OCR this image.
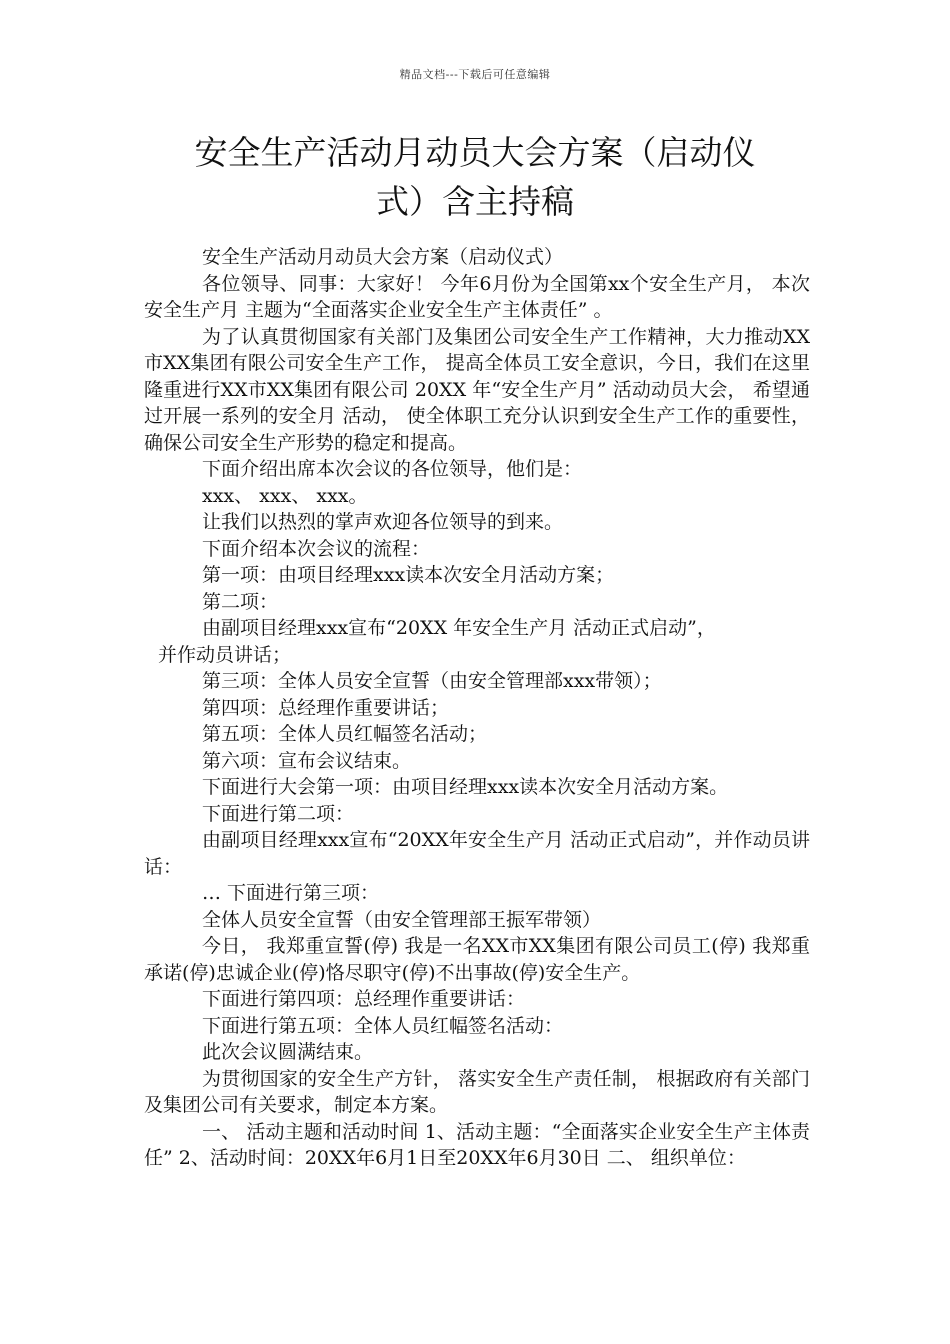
精品文档---下载后可任意编辑
安全生产活动月动员大会方案（启动仪
式）含主持稿

安全生产活动月动员大会方案（启动仪式）

各位领导、同事：大家好！ 今年6月份为全国第xx个安全生产月， 本次安全生产月 主题为“全面落实企业安全生产主体责任” 。

为了认真贯彻国家有关部门及集团公司安全生产工作精神，大力推动XX市XX集团有限公司安全生产工作， 提高全体员工安全意识，今日，我们在这里隆重进行XX市XX集团有限公司 20XX 年“安全生产月” 活动动员大会， 希望通过开展一系列的安全月 活动， 使全体职工充分认识到安全生产工作的重要性，确保公司安全生产形势的稳定和提高。

下面介绍出席本次会议的各位领导，他们是：

xxx、 xxx、 xxx。

让我们以热烈的掌声欢迎各位领导的到来。

下面介绍本次会议的流程：

第一项：由项目经理xxx读本次安全月活动方案；

第二项：

由副项目经理xxx宣布“20XX 年安全生产月 活动正式启动”，

并作动员讲话；

第三项：全体人员安全宣誓（由安全管理部xxx带领）；

第四项：总经理作重要讲话；

第五项：全体人员红幅签名活动；

第六项：宣布会议结束。

下面进行大会第一项：由项目经理xxx读本次安全月活动方案。

下面进行第二项：

由副项目经理xxx宣布“20XX年安全生产月 活动正式启动”，并作动员讲话：

… 下面进行第三项：

全体人员安全宣誓（由安全管理部王振军带领）

今日， 我郑重宣誓(停) 我是一名XX市XX集团有限公司员工(停) 我郑重承诺(停)忠诚企业(停)恪尽职守(停)不出事故(停)安全生产。

下面进行第四项：总经理作重要讲话：

下面进行第五项：全体人员红幅签名活动：

此次会议圆满结束。

为贯彻国家的安全生产方针， 落实安全生产责任制， 根据政府有关部门及集团公司有关要求，制定本方案。

一、 活动主题和活动时间 1、活动主题：“全面落实企业安全生产主体责任” 2、活动时间：20XX年6月1日至20XX年6月30日 二、 组织单位：
